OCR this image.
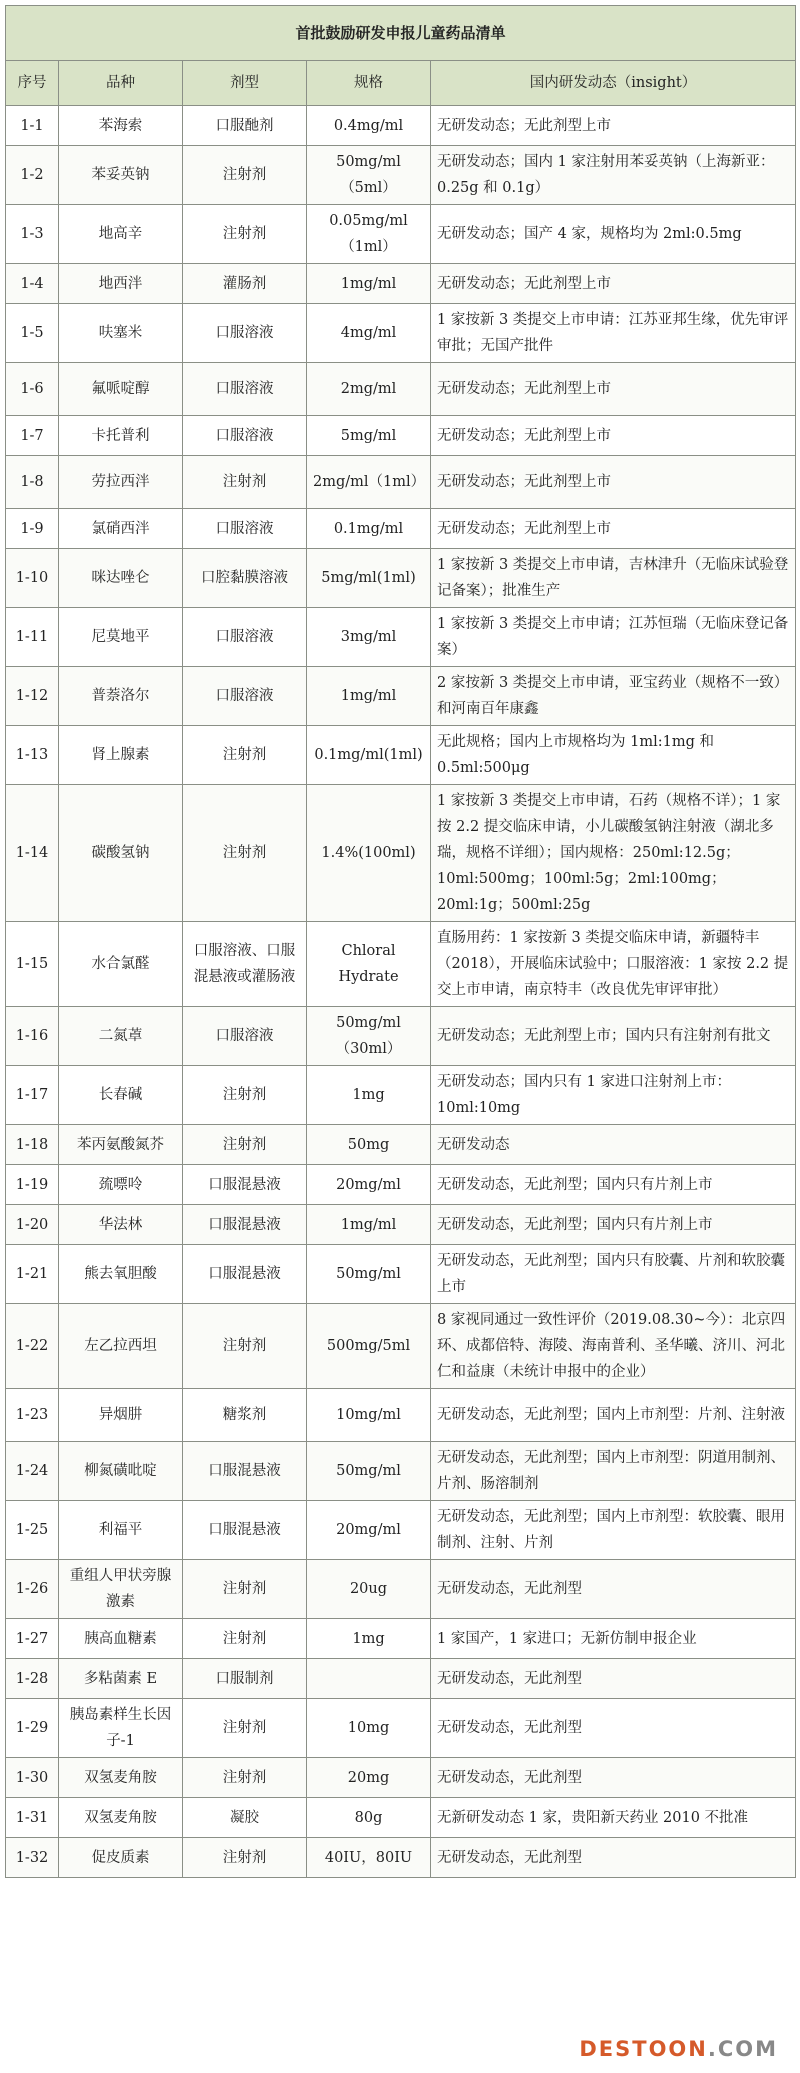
首批鼓励研发申报儿童药品清单
序号	品种	剂型	规格	国内研发动态（insight）
1-1	苯海索	口服酏剂	0.4mg/ml	无研发动态；无此剂型上市
1-2	苯妥英钠	注射剂	50mg/ml（5ml）	无研发动态；国内 1 家注射用苯妥英钠（上海新亚：0.25g 和 0.1g）
1-3	地高辛	注射剂	0.05mg/ml（1ml）	无研发动态；国产 4 家，规格均为 2ml:0.5mg
1-4	地西泮	灌肠剂	1mg/ml	无研发动态；无此剂型上市
1-5	呋塞米	口服溶液	4mg/ml	1 家按新 3 类提交上市申请：江苏亚邦生缘，优先审评审批；无国产批件
1-6	氟哌啶醇	口服溶液	2mg/ml	无研发动态；无此剂型上市
1-7	卡托普利	口服溶液	5mg/ml	无研发动态；无此剂型上市
1-8	劳拉西泮	注射剂	2mg/ml（1ml）	无研发动态；无此剂型上市
1-9	氯硝西泮	口服溶液	0.1mg/ml	无研发动态；无此剂型上市
1-10	咪达唑仑	口腔黏膜溶液	5mg/ml(1ml)	1 家按新 3 类提交上市申请，吉林津升（无临床试验登记备案）；批准生产
1-11	尼莫地平	口服溶液	3mg/ml	1 家按新 3 类提交上市申请；江苏恒瑞（无临床登记备案）
1-12	普萘洛尔	口服溶液	1mg/ml	2 家按新 3 类提交上市申请，亚宝药业（规格不一致）和河南百年康鑫
1-13	肾上腺素	注射剂	0.1mg/ml(1ml)	无此规格；国内上市规格均为 1ml:1mg 和 0.5ml:500μg
1-14	碳酸氢钠	注射剂	1.4%(100ml)	1 家按新 3 类提交上市申请，石药（规格不详）；1 家按 2.2 提交临床申请，小儿碳酸氢钠注射液（湖北多瑞，规格不详细）；国内规格：250ml:12.5g；10ml:500mg；100ml:5g；2ml:100mg；20ml:1g；500ml:25g
1-15	水合氯醛	口服溶液、口服混悬液或灌肠液	Chloral Hydrate	直肠用药：1 家按新 3 类提交临床申请，新疆特丰（2018），开展临床试验中；口服溶液：1 家按 2.2 提交上市申请，南京特丰（改良优先审评审批）
1-16	二氮䓬	口服溶液	50mg/ml（30ml）	无研发动态；无此剂型上市；国内只有注射剂有批文
1-17	长春碱	注射剂	1mg	无研发动态；国内只有 1 家进口注射剂上市：10ml:10mg
1-18	苯丙氨酸氮芥	注射剂	50mg	无研发动态
1-19	巯嘌呤	口服混悬液	20mg/ml	无研发动态，无此剂型；国内只有片剂上市
1-20	华法林	口服混悬液	1mg/ml	无研发动态，无此剂型；国内只有片剂上市
1-21	熊去氧胆酸	口服混悬液	50mg/ml	无研发动态，无此剂型；国内只有胶囊、片剂和软胶囊上市
1-22	左乙拉西坦	注射剂	500mg/5ml	8 家视同通过一致性评价（2019.08.30~今）：北京四环、成都倍特、海陵、海南普利、圣华曦、济川、河北仁和益康（未统计申报中的企业）
1-23	异烟肼	糖浆剂	10mg/ml	无研发动态，无此剂型；国内上市剂型：片剂、注射液
1-24	柳氮磺吡啶	口服混悬液	50mg/ml	无研发动态，无此剂型；国内上市剂型：阴道用制剂、片剂、肠溶制剂
1-25	利福平	口服混悬液	20mg/ml	无研发动态，无此剂型；国内上市剂型：软胶囊、眼用制剂、注射、片剂
1-26	重组人甲状旁腺激素	注射剂	20ug	无研发动态，无此剂型
1-27	胰高血糖素	注射剂	1mg	1 家国产，1 家进口；无新仿制申报企业
1-28	多粘菌素 E	口服制剂		无研发动态，无此剂型
1-29	胰岛素样生长因子-1	注射剂	10mg	无研发动态，无此剂型
1-30	双氢麦角胺	注射剂	20mg	无研发动态，无此剂型
1-31	双氢麦角胺	凝胶	80g	无新研发动态 1 家，贵阳新天药业 2010 不批准
1-32	促皮质素	注射剂	40IU，80IU	无研发动态，无此剂型
DESTOON.COM
